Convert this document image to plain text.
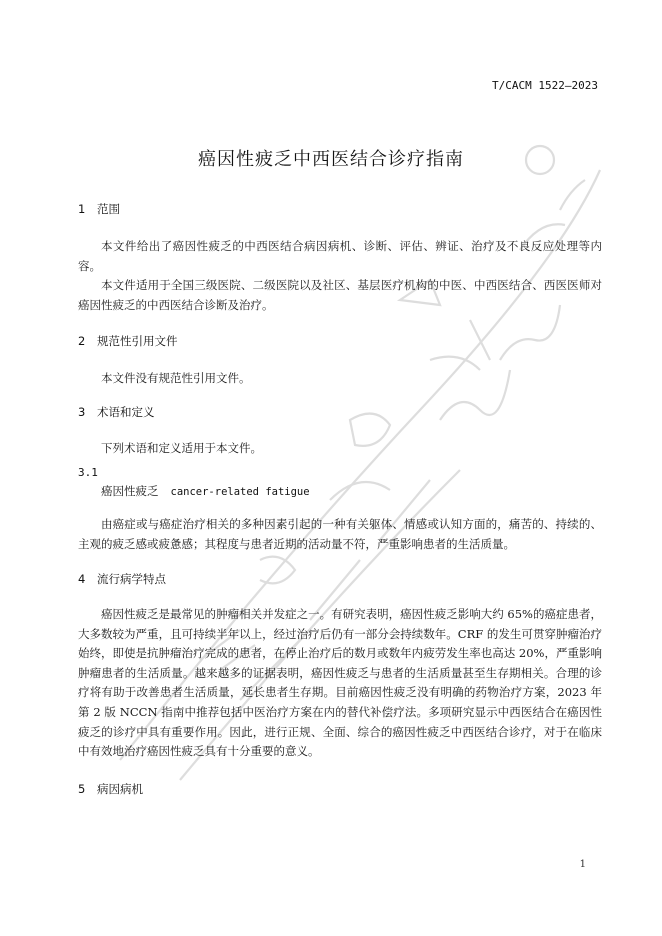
T/CACM 1522—2023
癌因性疲乏中西医结合诊疗指南
1 范围
本文件给出了癌因性疲乏的中西医结合病因病机、诊断、评估、辨证、治疗及不良反应处理等内容。
本文件适用于全国三级医院、二级医院以及社区、基层医疗机构的中医、中西医结合、西医医师对癌因性疲乏的中西医结合诊断及治疗。
2 规范性引用文件
本文件没有规范性引用文件。
3 术语和定义
下列术语和定义适用于本文件。
3.1
癌因性疲乏 cancer-related fatigue
由癌症或与癌症治疗相关的多种因素引起的一种有关躯体、情感或认知方面的，痛苦的、持续的、主观的疲乏感或疲惫感；其程度与患者近期的活动量不符，严重影响患者的生活质量。
4 流行病学特点
癌因性疲乏是最常见的肿瘤相关并发症之一。有研究表明，癌因性疲乏影响大约 65%的癌症患者，大多数较为严重，且可持续半年以上，经过治疗后仍有一部分会持续数年。CRF 的发生可贯穿肿瘤治疗始终，即使是抗肿瘤治疗完成的患者，在停止治疗后的数月或数年内疲劳发生率也高达 20%，严重影响肿瘤患者的生活质量。越来越多的证据表明，癌因性疲乏与患者的生活质量甚至生存期相关。合理的诊疗将有助于改善患者生活质量，延长患者生存期。目前癌因性疲乏没有明确的药物治疗方案，2023 年第 2 版 NCCN 指南中推荐包括中医治疗方案在内的替代补偿疗法。多项研究显示中西医结合在癌因性疲乏的诊疗中具有重要作用。因此，进行正规、全面、综合的癌因性疲乏中西医结合诊疗，对于在临床中有效地治疗癌因性疲乏具有十分重要的意义。
5 病因病机
1
